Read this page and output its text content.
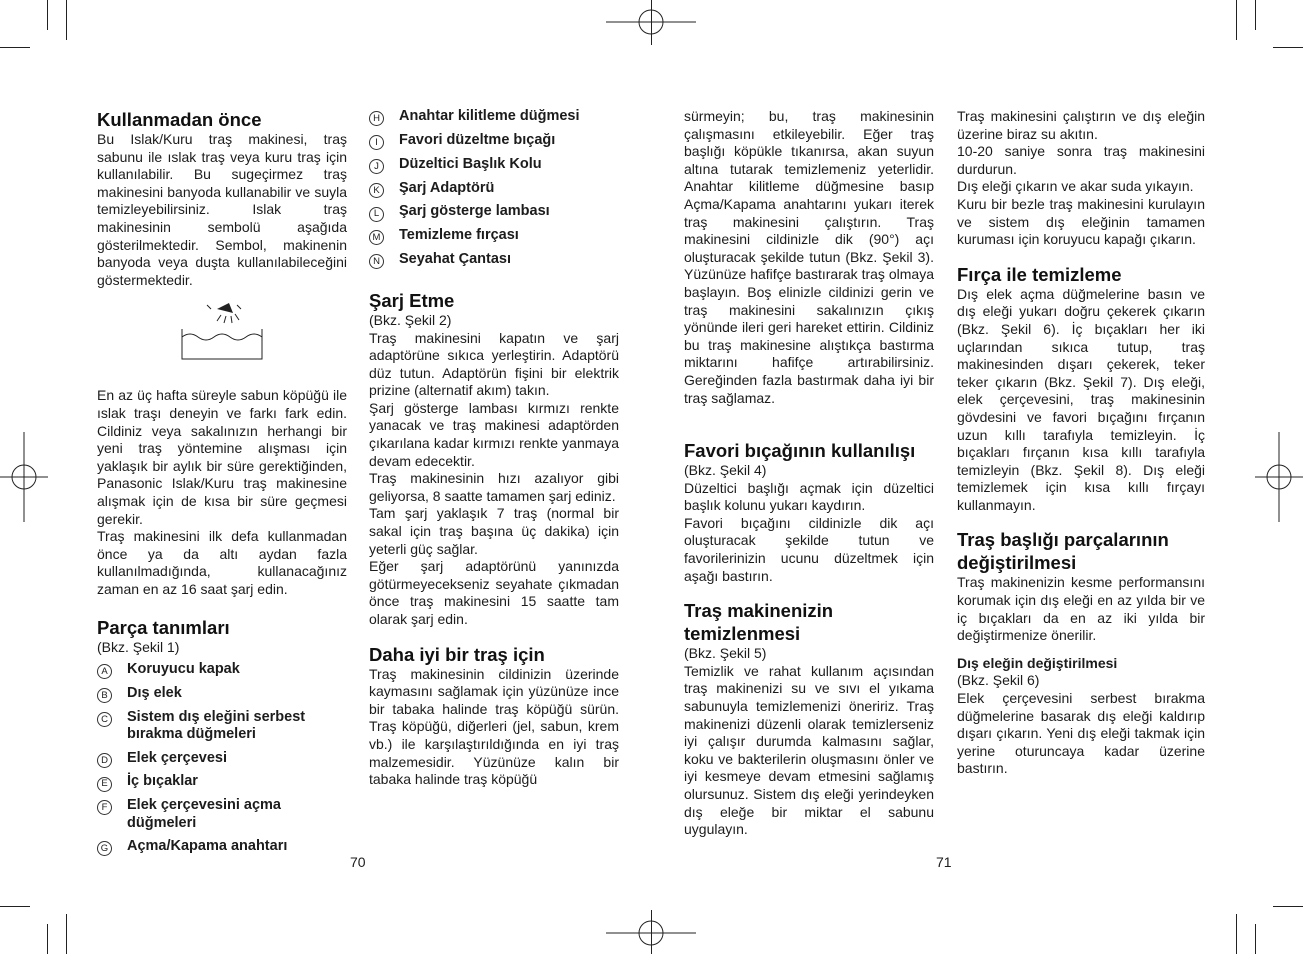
Kullanmadan önce

Bu Islak/Kuru traş makinesi, traş sabunu ile ıslak traş veya kuru traş için kullanılabilir. Bu sugeçirmez traş makinesini banyoda kullanabilir ve suyla temizleyebilirsiniz. Islak traş makinesinin sembolü aşağıda gösterilmektedir. Sembol, makinenin banyoda veya duşta kullanılabileceğini göstermektedir.

En az üç hafta süreyle sabun köpüğü ile ıslak traşı deneyin ve farkı fark edin. Cildiniz veya sakalınızın herhangi bir yeni traş yöntemine alışması için yaklaşık bir aylık bir süre gerektiğinden, Panasonic Islak/Kuru traş makinesine alışmak için de kısa bir süre geçmesi gerekir.

Traş makinesini ilk defa kullanmadan önce ya da altı aydan fazla kullanılmadığında, kullanacağınız zaman en az 16 saat şarj edin.

Parça tanımları

(Bkz. Şekil 1)

A	Koruyucu kapak
B	Dış elek
C	Sistem dış eleğini serbest bırakma düğmeleri
D	Elek çerçevesi
E	İç bıçaklar
F	Elek çerçevesini açma düğmeleri
G	Açma/Kapama anahtarı
70
H	Anahtar kilitleme düğmesi
I	Favori düzeltme bıçağı
J	Düzeltici Başlık Kolu
K	Şarj Adaptörü
L	Şarj gösterge lambası
M	Temizleme fırçası
N	Seyahat Çantası
Şarj Etme

(Bkz. Şekil 2)

Traş makinesini kapatın ve şarj adaptörüne sıkıca yerleştirin. Adaptörü düz tutun. Adaptörün fişini bir elektrik prizine (alternatif akım) takın.

Şarj gösterge lambası kırmızı renkte yanacak ve traş makinesi adaptörden çıkarılana kadar kırmızı renkte yanmaya devam edecektir.

Traş makinesinin hızı azalıyor gibi geliyorsa, 8 saatte tamamen şarj ediniz.

Tam şarj yaklaşık 7 traş (normal bir sakal için traş başına üç dakika) için yeterli güç sağlar.

Eğer şarj adaptörünü yanınızda götürmeyecekseniz seyahate çıkmadan önce traş makinesini 15 saatte tam olarak şarj edin.

Daha iyi bir traş için

Traş makinesinin cildinizin üzerinde kaymasını sağlamak için yüzünüze ince bir tabaka halinde traş köpüğü sürün. Traş köpüğü, diğerleri (jel, sabun, krem vb.) ile karşılaştırıldığında en iyi traş malzemesidir. Yüzünüze kalın bir tabaka halinde traş köpüğü

sürmeyin; bu, traş makinesinin çalışmasını etkileyebilir. Eğer traş başlığı köpükle tıkanırsa, akan suyun altına tutarak temizlemeniz yeterlidir. Anahtar kilitleme düğmesine basıp Açma/Kapama anahtarını yukarı iterek traş makinesini çalıştırın. Traş makinesini cildinizle dik (90°) açı oluşturacak şekilde tutun (Bkz. Şekil 3). Yüzünüze hafifçe bastırarak traş olmaya başlayın. Boş elinizle cildinizi gerin ve traş makinesini sakalınızın çıkış yönünde ileri geri hareket ettirin. Cildiniz bu traş makinesine alıştıkça bastırma miktarını hafifçe artırabilirsiniz. Gereğinden fazla bastırmak daha iyi bir traş sağlamaz.

Favori bıçağının kullanılışı

(Bkz. Şekil 4)

Düzeltici başlığı açmak için düzeltici başlık kolunu yukarı kaydırın.

Favori bıçağını cildinizle dik açı oluşturacak şekilde tutun ve favorilerinizin ucunu düzeltmek için aşağı bastırın.

Traş makinenizin temizlenmesi

(Bkz. Şekil 5)

Temizlik ve rahat kullanım açısından traş makinenizi su ve sıvı el yıkama sabunuyla temizlemenizi öneririz. Traş makinenizi düzenli olarak temizlerseniz iyi çalışır durumda kalmasını sağlar, koku ve bakterilerin oluşmasını önler ve iyi kesmeye devam etmesini sağlamış olursunuz. Sistem dış eleği yerindeyken dış eleğe bir miktar el sabunu uygulayın.

71

Traş makinesini çalıştırın ve dış eleğin üzerine biraz su akıtın.

10-20 saniye sonra traş makinesini durdurun.

Dış eleği çıkarın ve akar suda yıkayın.

Kuru bir bezle traş makinesini kurulayın ve sistem dış eleğinin tamamen kuruması için koruyucu kapağı çıkarın.

Fırça ile temizleme

Dış elek açma düğmelerine basın ve dış eleği yukarı doğru çekerek çıkarın (Bkz. Şekil 6). İç bıçakları her iki uçlarından sıkıca tutup, traş makinesinden dışarı çekerek, teker teker çıkarın (Bkz. Şekil 7). Dış eleği, elek çerçevesini, traş makinesinin gövdesini ve favori bıçağını fırçanın uzun kıllı tarafıyla temizleyin. İç bıçakları fırçanın kısa kıllı tarafıyla temizleyin (Bkz. Şekil 8). Dış eleği temizlemek için kısa kıllı fırçayı kullanmayın.

Traş başlığı parçalarının değiştirilmesi

Traş makinenizin kesme performansını korumak için dış eleği en az yılda bir ve iç bıçakları da en az iki yılda bir değiştirmenize önerilir.

Dış eleğin değiştirilmesi

(Bkz. Şekil 6)

Elek çerçevesini serbest bırakma düğmelerine basarak dış eleği kaldırıp dışarı çıkarın. Yeni dış eleği takmak için yerine oturuncaya kadar üzerine bastırın.
